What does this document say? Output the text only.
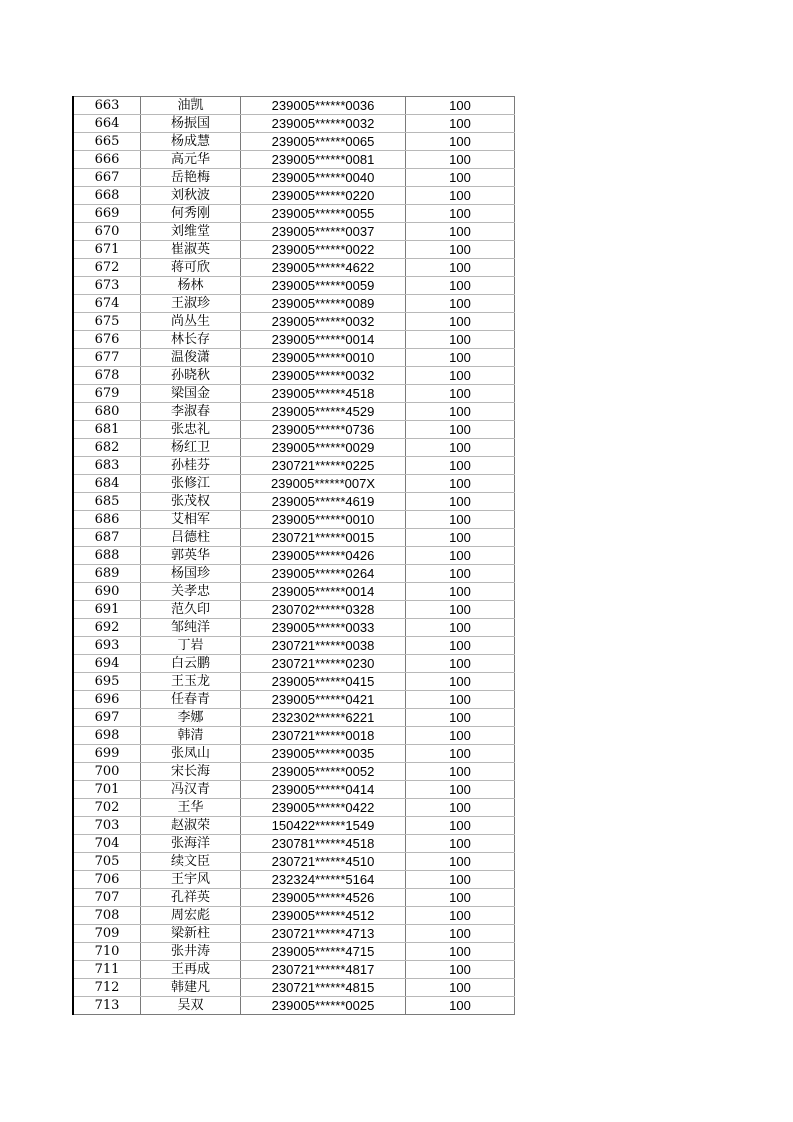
663	油凯	239005******0036	100
664	杨振国	239005******0032	100
665	杨成慧	239005******0065	100
666	高元华	239005******0081	100
667	岳艳梅	239005******0040	100
668	刘秋波	239005******0220	100
669	何秀刚	239005******0055	100
670	刘维堂	239005******0037	100
671	崔淑英	239005******0022	100
672	蒋可欣	239005******4622	100
673	杨林	239005******0059	100
674	王淑珍	239005******0089	100
675	尚丛生	239005******0032	100
676	林长存	239005******0014	100
677	温俊潇	239005******0010	100
678	孙晓秋	239005******0032	100
679	梁国金	239005******4518	100
680	李淑春	239005******4529	100
681	张忠礼	239005******0736	100
682	杨红卫	239005******0029	100
683	孙桂芬	230721******0225	100
684	张修江	239005******007X	100
685	张茂权	239005******4619	100
686	艾相军	239005******0010	100
687	吕德柱	230721******0015	100
688	郭英华	239005******0426	100
689	杨国珍	239005******0264	100
690	关孝忠	239005******0014	100
691	范久印	230702******0328	100
692	邹纯洋	239005******0033	100
693	丁岩	230721******0038	100
694	白云鹏	230721******0230	100
695	王玉龙	239005******0415	100
696	任春青	239005******0421	100
697	李娜	232302******6221	100
698	韩清	230721******0018	100
699	张凤山	239005******0035	100
700	宋长海	239005******0052	100
701	冯汉青	239005******0414	100
702	王华	239005******0422	100
703	赵淑荣	150422******1549	100
704	张海洋	230781******4518	100
705	续文臣	230721******4510	100
706	王宇风	232324******5164	100
707	孔祥英	239005******4526	100
708	周宏彪	239005******4512	100
709	梁新柱	230721******4713	100
710	张井涛	239005******4715	100
711	王再成	230721******4817	100
712	韩建凡	230721******4815	100
713	吴双	239005******0025	100
